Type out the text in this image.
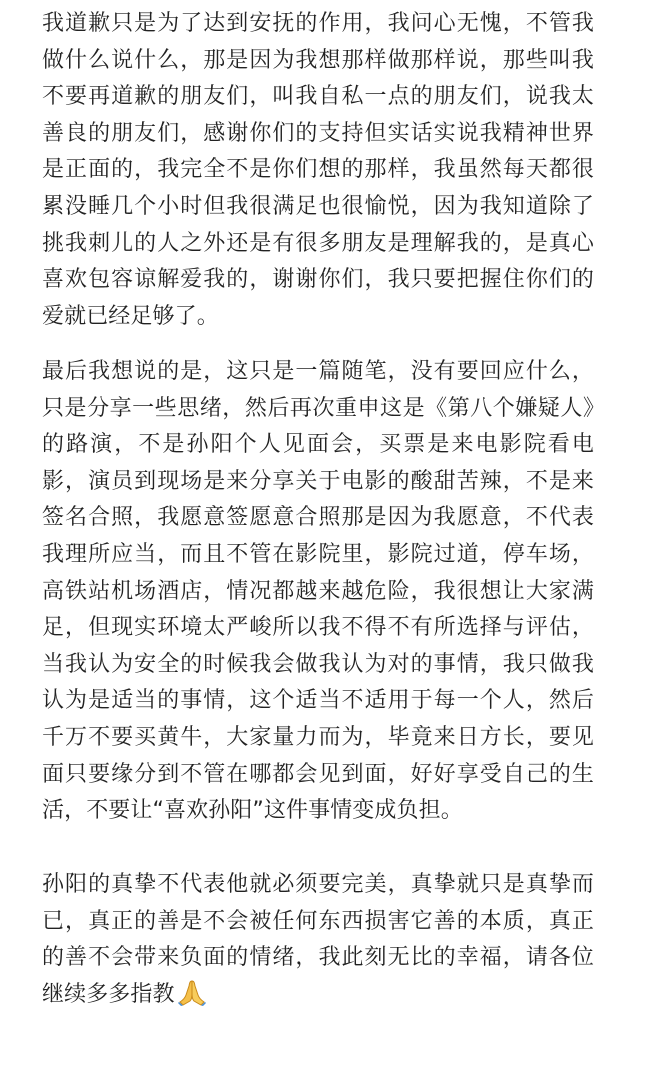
我道歉只是为了达到安抚的作用，我问心无愧，不管我做什么说什么，那是因为我想那样做那样说，那些叫我不要再道歉的朋友们，叫我自私一点的朋友们，说我太善良的朋友们，感谢你们的支持但实话实说我精神世界是正面的，我完全不是你们想的那样，我虽然每天都很累没睡几个小时但我很满足也很愉悦，因为我知道除了挑我刺儿的人之外还是有很多朋友是理解我的，是真心喜欢包容谅解爱我的，谢谢你们，我只要把握住你们的爱就已经足够了。

最后我想说的是，这只是一篇随笔，没有要回应什么，只是分享一些思绪，然后再次重申这是《第八个嫌疑人》的路演，不是孙阳个人见面会，买票是来电影院看电影，演员到现场是来分享关于电影的酸甜苦辣，不是来签名合照，我愿意签愿意合照那是因为我愿意，不代表我理所应当，而且不管在影院里，影院过道，停车场，高铁站机场酒店，情况都越来越危险，我很想让大家满足，但现实环境太严峻所以我不得不有所选择与评估，当我认为安全的时候我会做我认为对的事情，我只做我认为是适当的事情，这个适当不适用于每一个人，然后千万不要买黄牛，大家量力而为，毕竟来日方长，要见面只要缘分到不管在哪都会见到面，好好享受自己的生活，不要让“喜欢孙阳”这件事情变成负担。

孙阳的真挚不代表他就必须要完美，真挚就只是真挚而已，真正的善是不会被任何东西损害它善的本质，真正的善不会带来负面的情绪，我此刻无比的幸福，请各位继续多多指教
